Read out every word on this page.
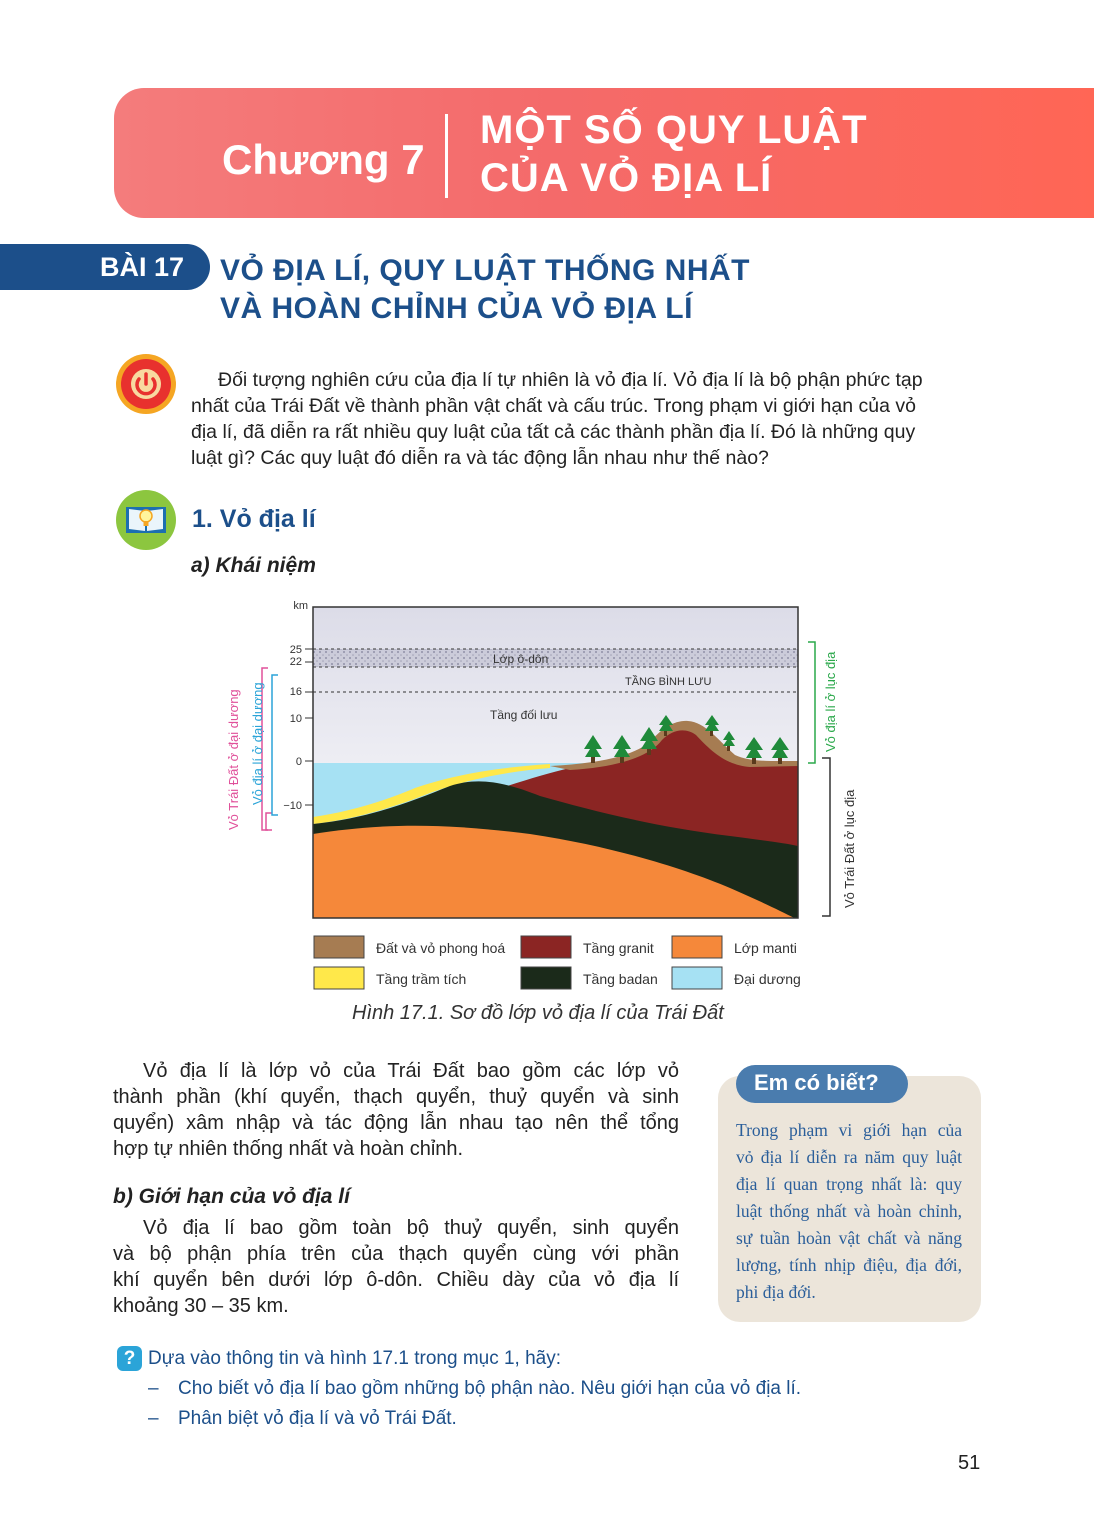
Chương 7
MỘT SỐ QUY LUẬT
CỦA VỎ ĐỊA LÍ
BÀI 17 VỎ ĐỊA LÍ, QUY LUẬT THỐNG NHẤT
VÀ HOÀN CHỈNH CỦA VỎ ĐỊA LÍ
Đối tượng nghiên cứu của địa lí tự nhiên là vỏ địa lí. Vỏ địa lí là bộ phận phức tạp
nhất của Trái Đất về thành phần vật chất và cấu trúc. Trong phạm vi giới hạn của vỏ
địa lí, đã diễn ra rất nhiều quy luật của tất cả các thành phần địa lí. Đó là những quy
luật gì? Các quy luật đó diễn ra và tác động lẫn nhau như thế nào?
1. Vỏ địa lí
a) Khái niệm
km
25
22
16
10
0
−10
Lớp ô-dôn
TẦNG BÌNH LƯU
Tầng đối lưu
Vỏ Trái Đất ở đại dương Vỏ địa lí ở đại dương	Vỏ địa lí ở lục địa
Vỏ Trái Đất ở lục địa
Đất và vỏ phong hoá	Tầng granit	Lớp manti
Tầng trầm tích	Tầng badan	Đại dương
Hình 17.1. Sơ đồ lớp vỏ địa lí của Trái Đất
Vỏ địa lí là lớp vỏ của Trái Đất bao gồm các lớp vỏ
thành phần (khí quyển, thạch quyển, thuỷ quyển và sinh
quyển) xâm nhập và tác động lẫn nhau tạo nên thể tổng
hợp tự nhiên thống nhất và hoàn chỉnh.
b) Giới hạn của vỏ địa lí
Vỏ địa lí bao gồm toàn bộ thuỷ quyển, sinh quyển
và bộ phận phía trên của thạch quyển cùng với phần
khí quyển bên dưới lớp ô-dôn. Chiều dày của vỏ địa lí
khoảng 30 – 35 km.
Em có biết?
Trong phạm vi giới hạn của
vỏ địa lí diễn ra năm quy luật
địa lí quan trọng nhất là: quy
luật thống nhất và hoàn chỉnh,
sự tuần hoàn vật chất và năng
lượng, tính nhịp điệu, địa đới,
phi địa đới.
? Dựa vào thông tin và hình 17.1 trong mục 1, hãy:
– Cho biết vỏ địa lí bao gồm những bộ phận nào. Nêu giới hạn của vỏ địa lí.
– Phân biệt vỏ địa lí và vỏ Trái Đất.
51
